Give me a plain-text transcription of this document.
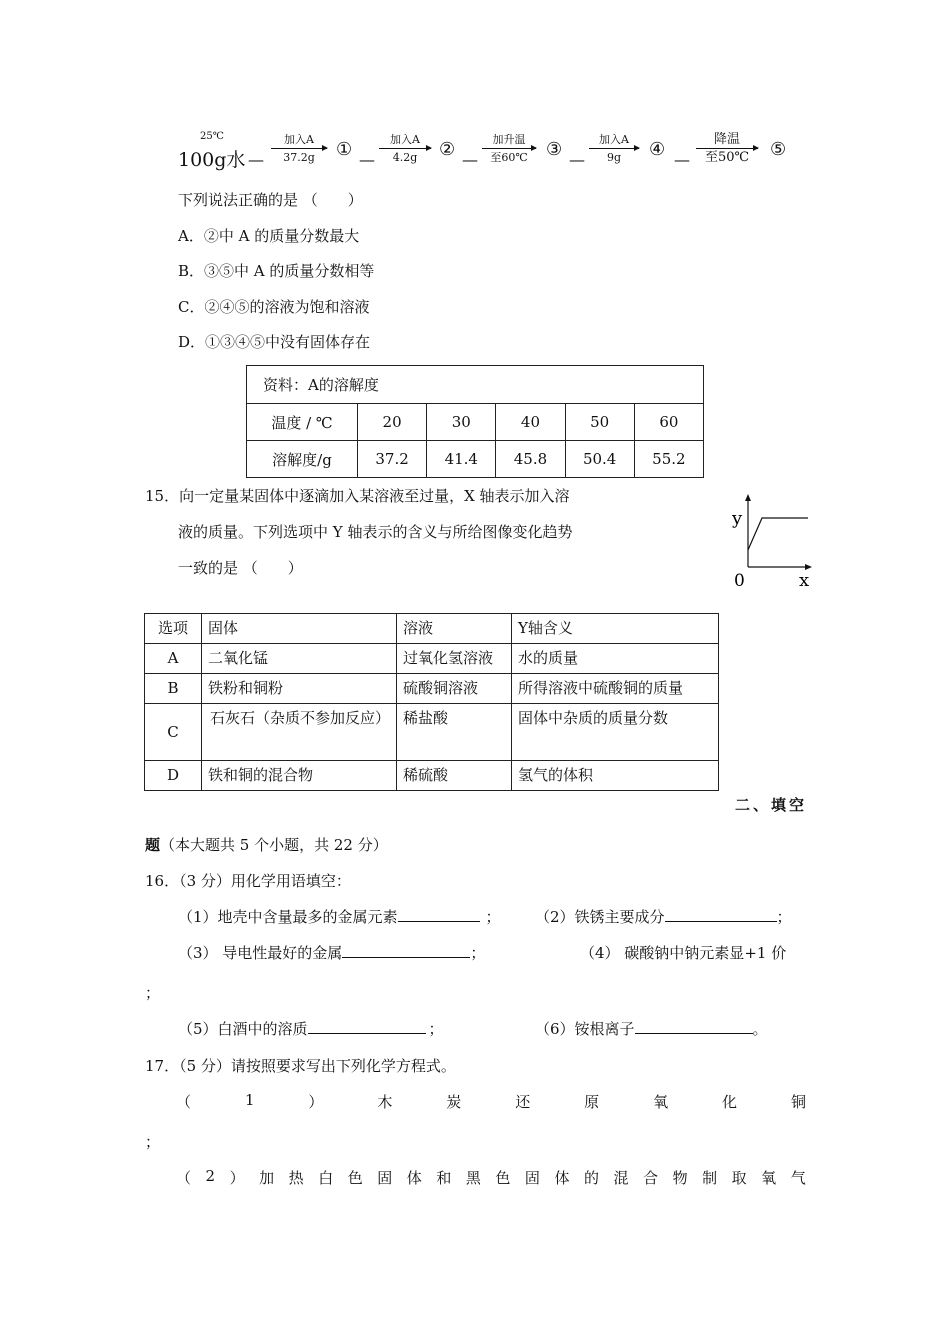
25℃
100g水 —
加入A
37.2g	① —
加入A
4.2g	② —
加升温
至60℃	③ —
加入A
9g	④ —
降温
至50℃	⑤
下列说法正确的是 （　　）
A．②中 A 的质量分数最大
B．③⑤中 A 的质量分数相等
C．②④⑤的溶液为饱和溶液
D．①③④⑤中没有固体存在
资料：A的溶解度					
温度 / ℃	20	30	40	50	60
溶解度/g	37.2	41.4	45.8	50.4	55.2
15．向一定量某固体中逐滴加入某溶液至过量，X 轴表示加入溶
液的质量。下列选项中 Y 轴表示的含义与所给图像变化趋势
一致的是 （　　）
y
x
0
选项	固体	溶液	Y轴含义
A	二氧化锰	过氧化氢溶液	水的质量
B	铁粉和铜粉	硫酸铜溶液	所得溶液中硫酸铜的质量
C	石灰石（杂质不参加反应）	稀盐酸	固体中杂质的质量分数
D	铁和铜的混合物	稀硫酸	氢气的体积
二、填空
题（本大题共 5 个小题，共 22 分）
16．（3 分）用化学用语填空：
（1）地壳中含量最多的金属元素	； （2）铁锈主要成分	；
（3） 导电性最好的金属	；	（4） 碳酸钠中钠元素显+1 价
；
（5）白酒中的溶质	；	（6）铵根离子	。
17．（5 分）请按照要求写出下列化学方程式。
（	1	）	木	炭	还	原	氧	化	铜
；
（ 2 ） 加 热 白 色 固 体 和 黑 色 固 体 的 混 合 物 制 取 氧 气
